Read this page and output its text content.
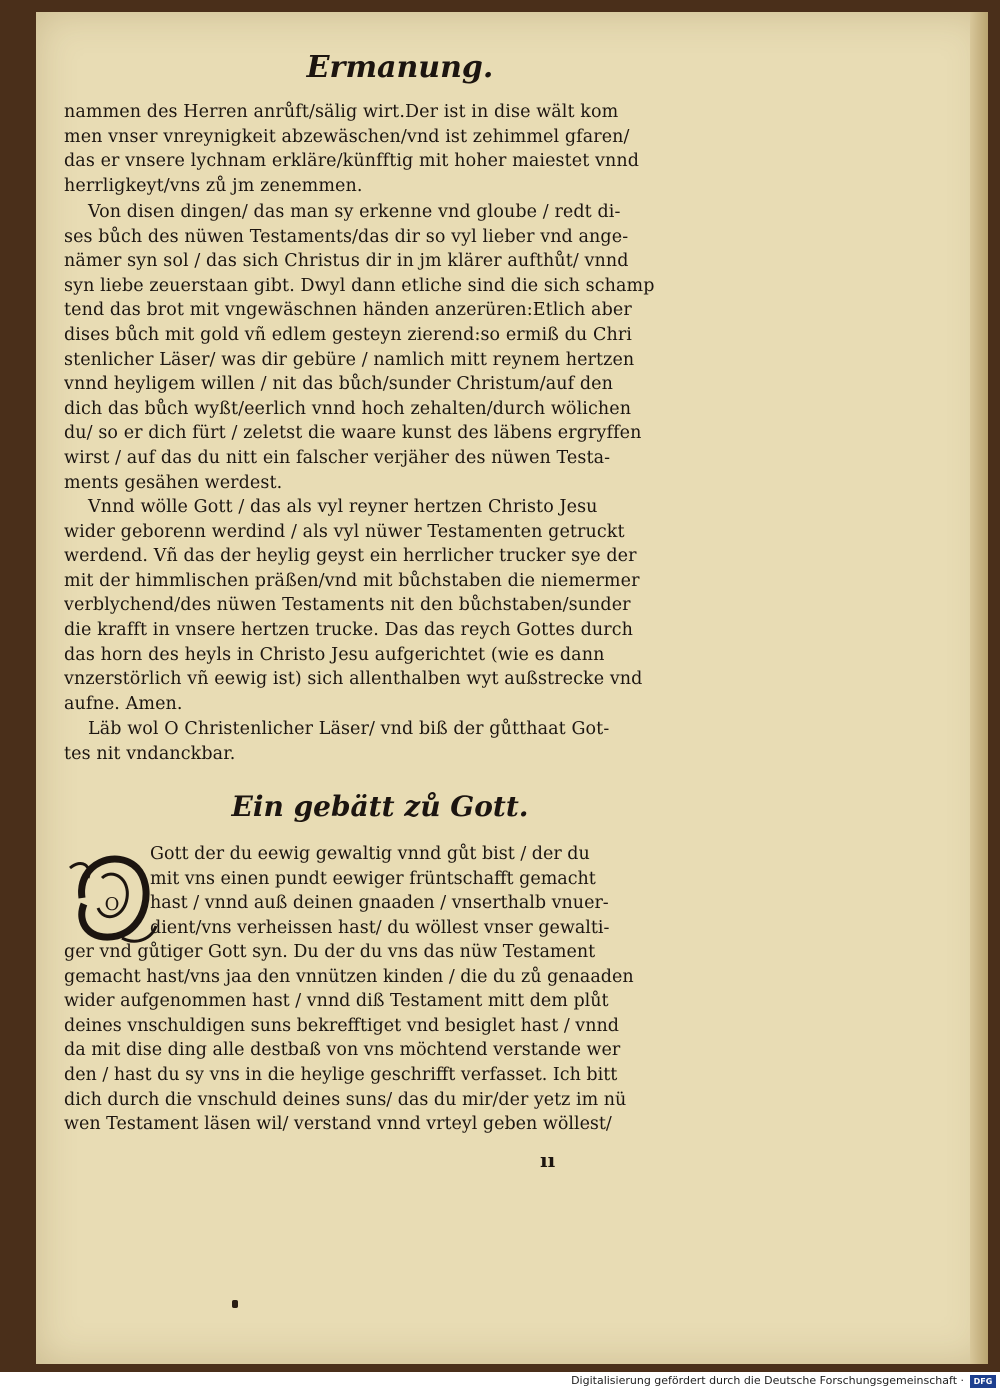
Ermanung.
nammen des Herren anrůft/sälig wirt.Der ist in dise wält kom
men vnser vnreynigkeit abzewäschen/vnd ist zehimmel gfaren/
das er vnsere lychnam erkläre/künfftig mit hoher maiestet vnnd
herrligkeyt/vns zů jm zenemmen.
Von disen dingen/ das man sy erkenne vnd gloube / redt di-
ses bůch des nüwen Testaments/das dir so vyl lieber vnd ange-
nämer syn sol / das sich Christus dir in jm klärer aufthůt/ vnnd
syn liebe zeuerstaan gibt. Dwyl dann etliche sind die sich schamp
tend das brot mit vngewäschnen händen anzerüren:Etlich aber
dises bůch mit gold vñ edlem gesteyn zierend:so ermiß du Chri
stenlicher Läser/ was dir gebüre / namlich mitt reynem hertzen
vnnd heyligem willen / nit das bůch/sunder Christum/auf den
dich das bůch wyßt/eerlich vnnd hoch zehalten/durch wölichen
du/ so er dich fürt / zeletst die waare kunst des läbens ergryffen
wirst / auf das du nitt ein falscher verjäher des nüwen Testa-
ments gesähen werdest.
Vnnd wölle Gott / das als vyl reyner hertzen Christo Jesu
wider geborenn werdind / als vyl nüwer Testamenten getruckt
werdend. Vñ das der heylig geyst ein herrlicher trucker sye der
mit der himmlischen präßen/vnd mit bůchstaben die niemermer
verblychend/des nüwen Testaments nit den bůchstaben/sunder
die krafft in vnsere hertzen trucke. Das das reych Gottes durch
das horn des heyls in Christo Jesu aufgerichtet (wie es dann
vnzerstörlich vñ eewig ist) sich allenthalben wyt außstrecke vnd
aufne. Amen.
Läb wol O Christenlicher Läser/ vnd biß der gůtthaat Got-
tes nit vndanckbar.
Ein gebätt zů Gott.
O
Gott der du eewig gewaltig vnnd gůt bist / der du
mit vns einen pundt eewiger früntschafft gemacht
hast / vnnd auß deinen gnaaden / vnserthalb vnuer-
dient/vns verheissen hast/ du wöllest vnser gewalti-
ger vnd gůtiger Gott syn. Du der du vns das nüw Testament
gemacht hast/vns jaa den vnnützen kinden / die du zů genaaden
wider aufgenommen hast / vnnd diß Testament mitt dem plůt
deines vnschuldigen suns bekrefftiget vnd besiglet hast / vnnd
da mit dise ding alle destbaß von vns möchtend verstande wer
den / hast du sy vns in die heylige geschrifft verfasset. Ich bitt
dich durch die vnschuld deines suns/ das du mir/der yetz im nü
wen Testament läsen wil/ verstand vnnd vrteyl geben wöllest/
ıı
Digitalisierung gefördert durch die Deutsche Forschungsgemeinschaft ·	DFG
